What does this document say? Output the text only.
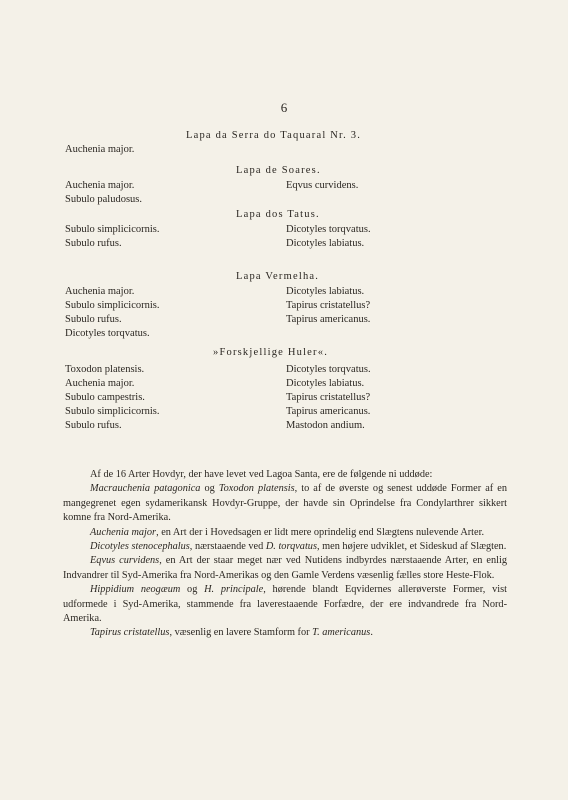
6
Auchenia major.
Auchenia major.
Subulo paludosus.
Subulo simplicicornis.
Subulo rufus.
Auchenia major.
Subulo simplicicornis.
Subulo rufus.
Dicotyles torqvatus.
Toxodon platensis.
Auchenia major.
Subulo campestris.
Subulo simplicicornis.
Subulo rufus.
Lapa da Serra do Taquaral Nr. 3.
Lapa de Soares.
Lapa dos Tatus.
Lapa Vermelha.
»Forskjellige Huler«.
Eqvus curvidens.
Dicotyles torqvatus.
Dicotyles labiatus.
Dicotyles labiatus.
Tapirus cristatellus?
Tapirus americanus.
Dicotyles torqvatus.
Dicotyles labiatus.
Tapirus cristatellus?
Tapirus americanus.
Mastodon andium.
Af de 16 Arter Hovdyr, der have levet ved Lagoa Santa, ere de følgende ni uddøde:
Macrauchenia patagonica og Toxodon platensis, to af de øverste og senest uddøde Former af en mangegrenet egen sydamerikansk Hovdyr-Gruppe, der havde sin Oprindelse fra Condylarthrer sikkert komne fra Nord-Amerika.
Auchenia major, en Art der i Hovedsagen er lidt mere oprindelig end Slægtens nulevende Arter.
Dicotyles stenocephalus, nærstaaende ved D. torqvatus, men højere udviklet, et Sideskud af Slægten.
Eqvus curvidens, en Art der staar meget nær ved Nutidens indbyrdes nærstaaende Arter, en enlig Indvandrer til Syd-Amerika fra Nord-Amerikas og den Gamle Verdens væsenlig fælles store Heste-Flok.
Hippidium neogæum og H. principale, hørende blandt Eqvidernes allerøverste Former, vist udformede i Syd-Amerika, stammende fra laverestaaende Forfædre, der ere indvandrede fra Nord-Amerika.
Tapirus cristatellus, væsenlig en lavere Stamform for T. americanus.
